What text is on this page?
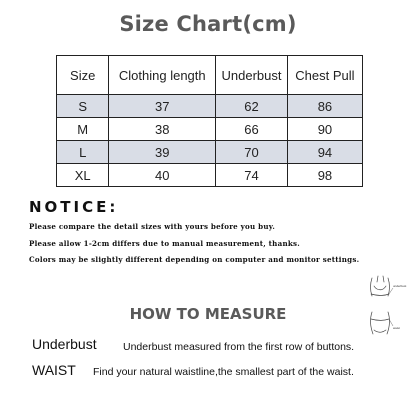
Size Chart(cm)
Size	Clothing length	Underbust	Chest Pull
S	37	62	86
M	38	66	90
L	39	70	94
XL	40	74	98
NOTICE:
Please compare the detail sizes with yours before you buy.
Please allow 1-2cm differs due to manual measurement, thanks.
Colors may be slightly different depending on computer and monitor settings.
underbust
waist
HOW TO MEASURE
Underbust	Underbust measured from the first row of buttons.
WAIST Find your natural waistline,the smallest part of the waist.
